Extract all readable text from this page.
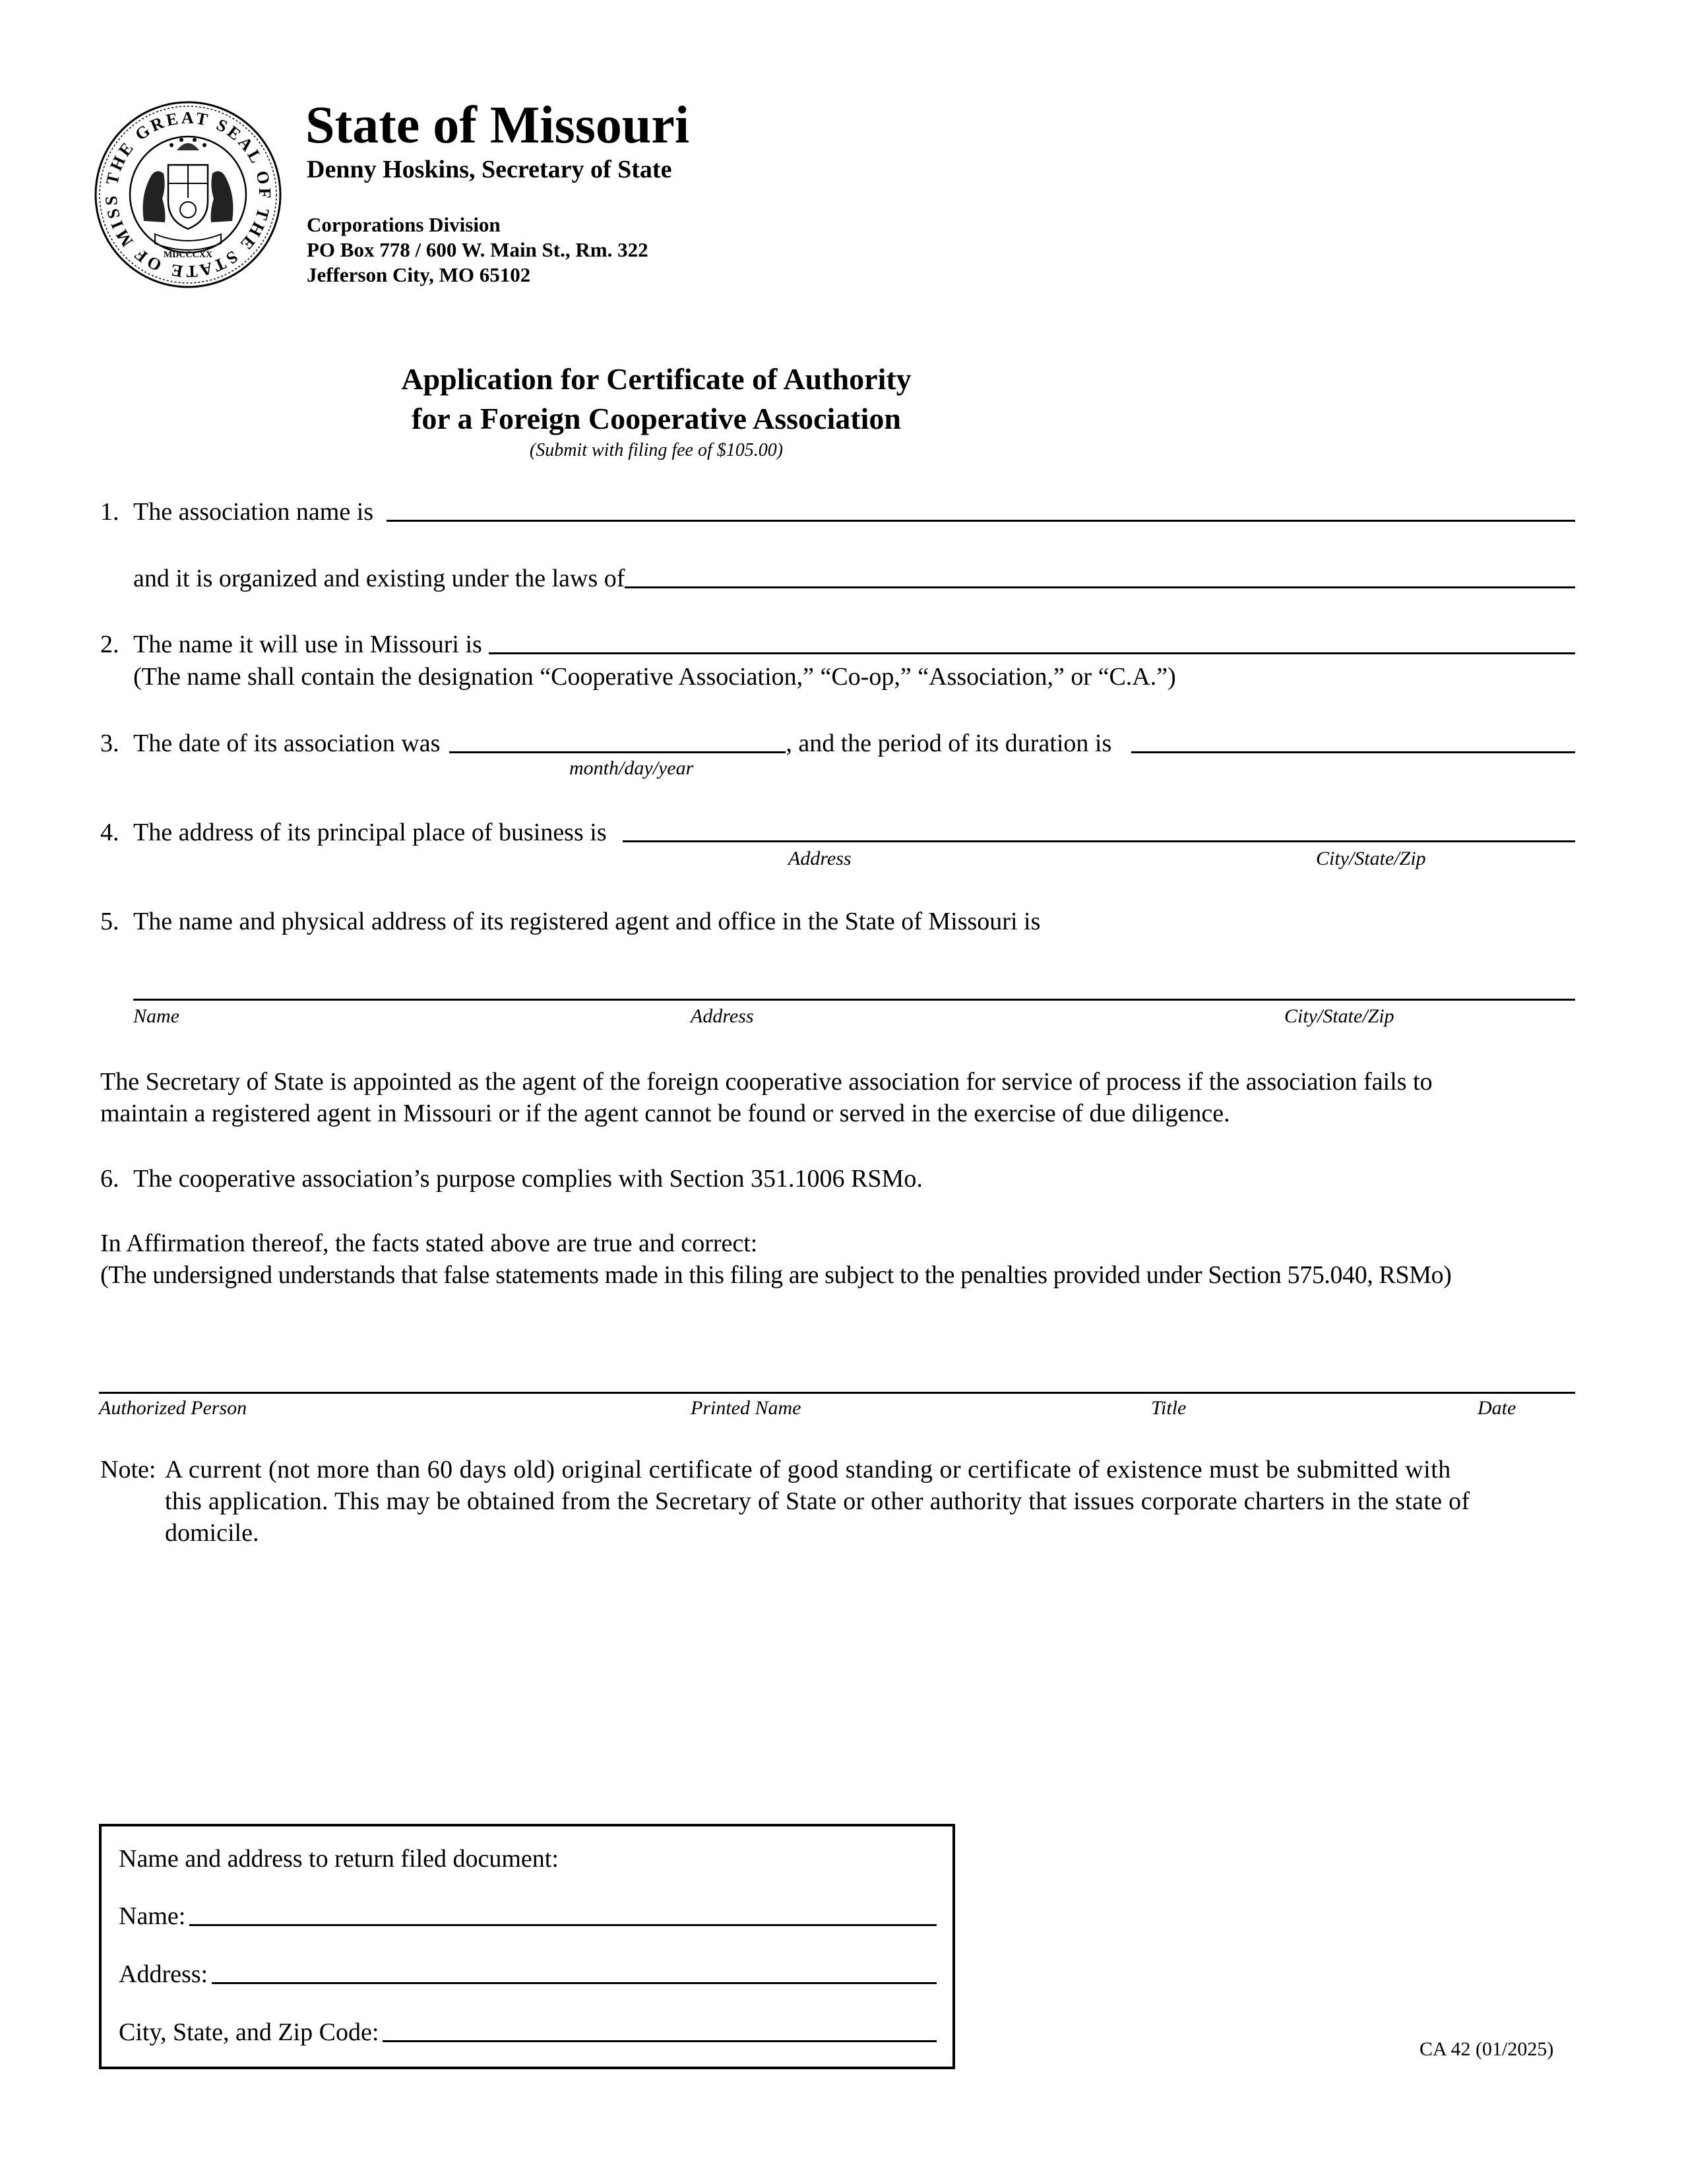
THE GREAT SEAL OF THE STATE OF MISS
MDCCCXX
State of Missouri
Denny Hoskins, Secretary of State
Corporations Division
PO Box 778 / 600 W. Main St., Rm. 322
Jefferson City, MO 65102
Application for Certificate of Authority
for a Foreign Cooperative Association
(Submit with filing fee of $105.00)
1. The association name is
and it is organized and existing under the laws of
2. The name it will use in Missouri is
(The name shall contain the designation “Cooperative Association,” “Co-op,” “Association,” or “C.A.”)
3. The date of its association was	, and the period of its duration is
month/day/year
4. The address of its principal place of business is
Address	City/State/Zip
5. The name and physical address of its registered agent and office in the State of Missouri is
Name	Address	City/State/Zip
The Secretary of State is appointed as the agent of the foreign cooperative association for service of process if the association fails to
maintain a registered agent in Missouri or if the agent cannot be found or served in the exercise of due diligence.
6. The cooperative association’s purpose complies with Section 351.1006 RSMo.
In Affirmation thereof, the facts stated above are true and correct:
(The undersigned understands that false statements made in this filing are subject to the penalties provided under Section 575.040, RSMo)
Authorized Person	Printed Name	Title	Date
Note: A current (not more than 60 days old) original certificate of good standing or certificate of existence must be submitted with
this application. This may be obtained from the Secretary of State or other authority that issues corporate charters in the state of
domicile.
Name and address to return filed document:
Name:
Address:
City, State, and Zip Code:
CA 42 (01/2025)
